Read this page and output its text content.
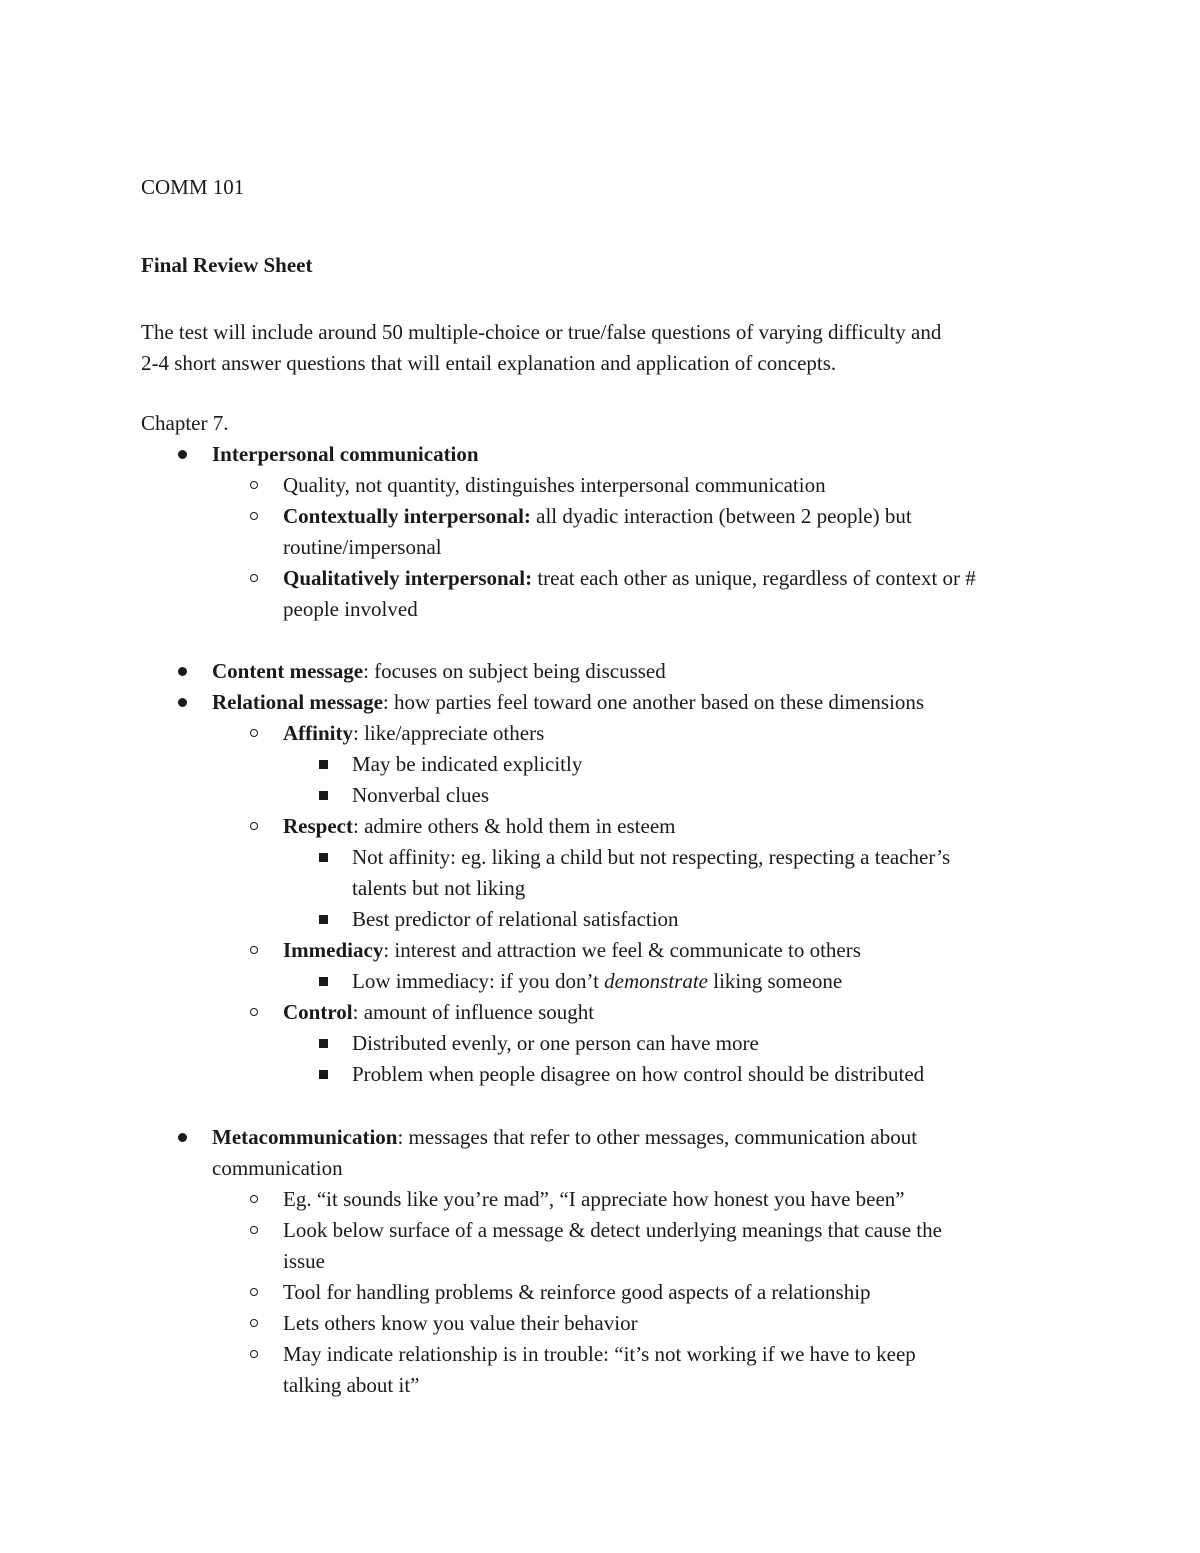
COMM 101
Final Review Sheet
The test will include around 50 multiple-choice or true/false questions of varying difficulty and
2-4 short answer questions that will entail explanation and application of concepts.
Chapter 7.
Interpersonal communication
Quality, not quantity, distinguishes interpersonal communication
Contextually interpersonal: all dyadic interaction (between 2 people) but
routine/impersonal
Qualitatively interpersonal: treat each other as unique, regardless of context or #
people involved
Content message: focuses on subject being discussed
Relational message: how parties feel toward one another based on these dimensions
Affinity: like/appreciate others
May be indicated explicitly
Nonverbal clues
Respect: admire others & hold them in esteem
Not affinity: eg. liking a child but not respecting, respecting a teacher’s
talents but not liking
Best predictor of relational satisfaction
Immediacy: interest and attraction we feel & communicate to others
Low immediacy: if you don’t demonstrate liking someone
Control: amount of influence sought
Distributed evenly, or one person can have more
Problem when people disagree on how control should be distributed
Metacommunication: messages that refer to other messages, communication about
communication
Eg. “it sounds like you’re mad”, “I appreciate how honest you have been”
Look below surface of a message & detect underlying meanings that cause the
issue
Tool for handling problems & reinforce good aspects of a relationship
Lets others know you value their behavior
May indicate relationship is in trouble: “it’s not working if we have to keep
talking about it”
